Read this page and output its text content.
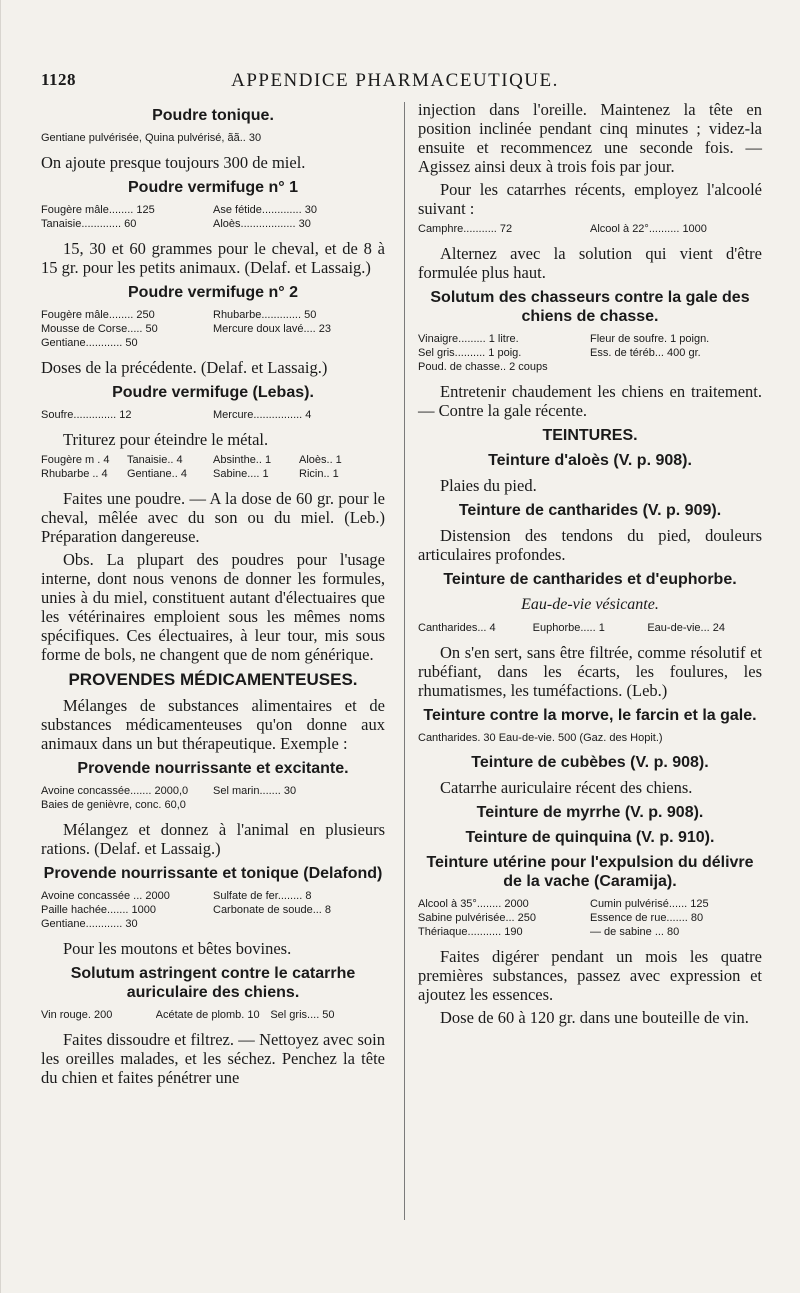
1128	APPENDICE PHARMACEUTIQUE.
Poudre tonique.
Gentiane pulvérisée, Quina pulvérisé, ãã.. 30

On ajoute presque toujours 300 de miel.

Poudre vermifuge n° 1
Fougère mâle........ 125	Ase fétide............. 30
Tanaisie............. 60	Aloès.................. 30

15, 30 et 60 grammes pour le cheval, et de 8 à 15 gr. pour les petits animaux. (Delaf. et Lassaig.)

Poudre vermifuge n° 2
Fougère mâle........ 250	Rhubarbe............. 50
Mousse de Corse..... 50	Mercure doux lavé.... 23
Gentiane............ 50

Doses de la précédente. (Delaf. et Lassaig.)

Poudre vermifuge (Lebas).
Soufre.............. 12	Mercure................ 4

Triturez pour éteindre le métal.

Fougère m . 4	Tanaisie.. 4	Absinthe.. 1	Aloès.. 1
Rhubarbe .. 4	Gentiane.. 4	Sabine.... 1	Ricin.. 1

Faites une poudre. — A la dose de 60 gr. pour le cheval, mêlée avec du son ou du miel. (Leb.) Préparation dangereuse.

Obs. La plupart des poudres pour l'usage interne, dont nous venons de donner les formules, unies à du miel, constituent autant d'électuaires que les vétérinaires emploient sous les mêmes noms spécifiques. Ces électuaires, à leur tour, mis sous forme de bols, ne changent que de nom générique.

PROVENDES MÉDICAMENTEUSES.

Mélanges de substances alimentaires et de substances médicamenteuses qu'on donne aux animaux dans un but thérapeutique. Exemple :

Provende nourrissante et excitante.
Avoine concassée....... 2000,0	Sel marin....... 30
Baies de genièvre, conc. 60,0

Mélangez et donnez à l'animal en plusieurs rations. (Delaf. et Lassaig.)

Provende nourrissante et tonique (Delafond)
Avoine concassée ... 2000	Sulfate de fer........ 8
Paille hachée....... 1000	Carbonate de soude... 8
Gentiane............ 30

Pour les moutons et bêtes bovines.

Solutum astringent contre le catarrhe auriculaire des chiens.
Vin rouge. 200	Acétate de plomb. 10 Sel gris.... 50

Faites dissoudre et filtrez. — Nettoyez avec soin les oreilles malades, et les séchez. Penchez la tête du chien et faites pénétrer une

injection dans l'oreille. Maintenez la tête en position inclinée pendant cinq minutes ; videz-la ensuite et recommencez une seconde fois. — Agissez ainsi deux à trois fois par jour.

Pour les catarrhes récents, employez l'alcoolé suivant :

Camphre........... 72	Alcool à 22°.......... 1000

Alternez avec la solution qui vient d'être formulée plus haut.

Solutum des chasseurs contre la gale des chiens de chasse.
Vinaigre......... 1 litre.	Fleur de soufre. 1 poign.
Sel gris.......... 1 poig.	Ess. de téréb... 400 gr.
Poud. de chasse.. 2 coups

Entretenir chaudement les chiens en traitement. — Contre la gale récente.

TEINTURES.
Teinture d'aloès (V. p. 908).

Plaies du pied.

Teinture de cantharides (V. p. 909).

Distension des tendons du pied, douleurs articulaires profondes.

Teinture de cantharides et d'euphorbe.
Eau-de-vie vésicante.
Cantharides... 4	Euphorbe..... 1	Eau-de-vie... 24

On s'en sert, sans être filtrée, comme résolutif et rubéfiant, dans les écarts, les foulures, les rhumatismes, les tuméfactions. (Leb.)

Teinture contre la morve, le farcin et la gale.
Cantharides. 30 Eau-de-vie. 500 (Gaz. des Hopit.)
Teinture de cubèbes (V. p. 908).

Catarrhe auriculaire récent des chiens.

Teinture de myrrhe (V. p. 908).
Teinture de quinquina (V. p. 910).
Teinture utérine pour l'expulsion du délivre de la vache (Caramija).
Alcool à 35°........ 2000	Cumin pulvérisé...... 125
Sabine pulvérisée... 250	Essence de rue....... 80
Thériaque........... 190	— de sabine ... 80

Faites digérer pendant un mois les quatre premières substances, passez avec expression et ajoutez les essences.

Dose de 60 à 120 gr. dans une bouteille de vin.
